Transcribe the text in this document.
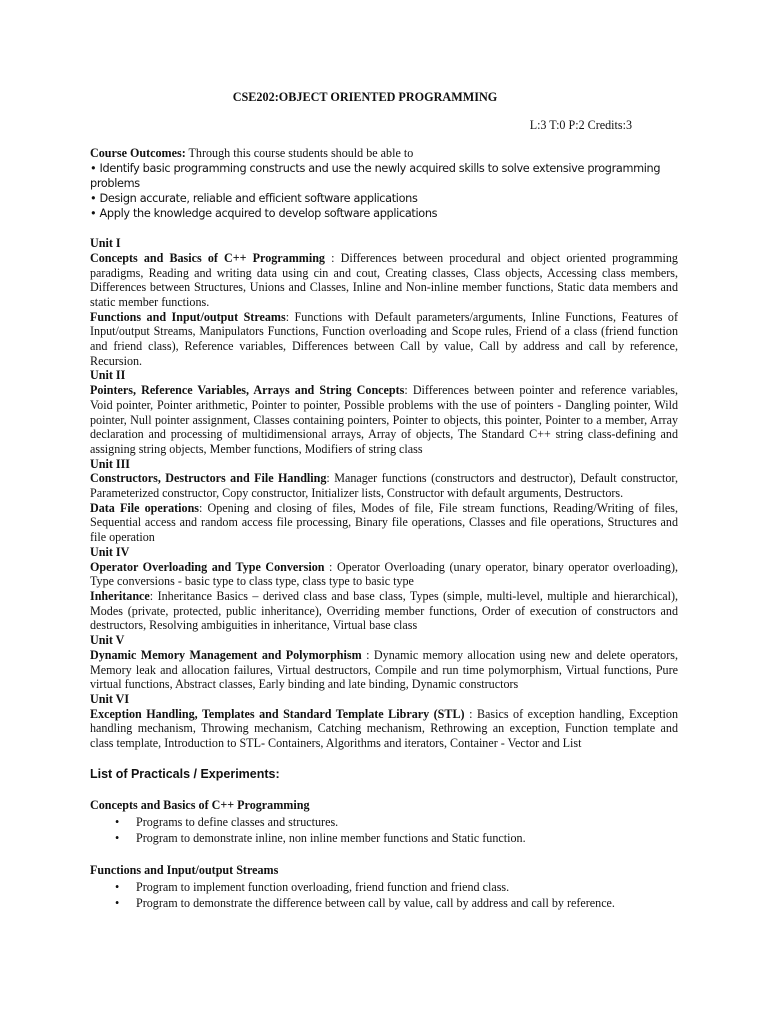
CSE202:OBJECT ORIENTED PROGRAMMING
L:3 T:0 P:2 Credits:3
Course Outcomes: Through this course students should be able to
• Identify basic programming constructs and use the newly acquired skills to solve extensive programming problems
• Design accurate, reliable and efficient software applications
• Apply the knowledge acquired to develop software applications
Unit I
Concepts and Basics of C++ Programming : Differences between procedural and object oriented programming paradigms, Reading and writing data using cin and cout, Creating classes, Class objects, Accessing class members, Differences between Structures, Unions and Classes, Inline and Non-inline member functions, Static data members and static member functions.
Functions and Input/output Streams: Functions with Default parameters/arguments, Inline Functions, Features of Input/output Streams, Manipulators Functions, Function overloading and Scope rules, Friend of a class (friend function and friend class), Reference variables, Differences between Call by value, Call by address and call by reference, Recursion.
Unit II
Pointers, Reference Variables, Arrays and String Concepts: Differences between pointer and reference variables, Void pointer, Pointer arithmetic, Pointer to pointer, Possible problems with the use of pointers - Dangling pointer, Wild pointer, Null pointer assignment, Classes containing pointers, Pointer to objects, this pointer, Pointer to a member, Array declaration and processing of multidimensional arrays, Array of objects, The Standard C++ string class-defining and assigning string objects, Member functions, Modifiers of string class
Unit III
Constructors, Destructors and File Handling: Manager functions (constructors and destructor), Default constructor, Parameterized constructor, Copy constructor, Initializer lists, Constructor with default arguments, Destructors.
Data File operations: Opening and closing of files, Modes of file, File stream functions, Reading/Writing of files, Sequential access and random access file processing, Binary file operations, Classes and file operations, Structures and file operation
Unit IV
Operator Overloading and Type Conversion : Operator Overloading (unary operator, binary operator overloading), Type conversions - basic type to class type, class type to basic type
Inheritance: Inheritance Basics – derived class and base class, Types (simple, multi-level, multiple and hierarchical), Modes (private, protected, public inheritance), Overriding member functions, Order of execution of constructors and destructors, Resolving ambiguities in inheritance, Virtual base class
Unit V
Dynamic Memory Management and Polymorphism : Dynamic memory allocation using new and delete operators, Memory leak and allocation failures, Virtual destructors, Compile and run time polymorphism, Virtual functions, Pure virtual functions, Abstract classes, Early binding and late binding, Dynamic constructors
Unit VI
Exception Handling, Templates and Standard Template Library (STL) : Basics of exception handling, Exception handling mechanism, Throwing mechanism, Catching mechanism, Rethrowing an exception, Function template and class template, Introduction to STL- Containers, Algorithms and iterators, Container - Vector and List
List of Practicals / Experiments:
Concepts and Basics of C++ Programming
• Programs to define classes and structures.
• Program to demonstrate inline, non inline member functions and Static function.
Functions and Input/output Streams
• Program to implement function overloading, friend function and friend class.
• Program to demonstrate the difference between call by value, call by address and call by reference.
